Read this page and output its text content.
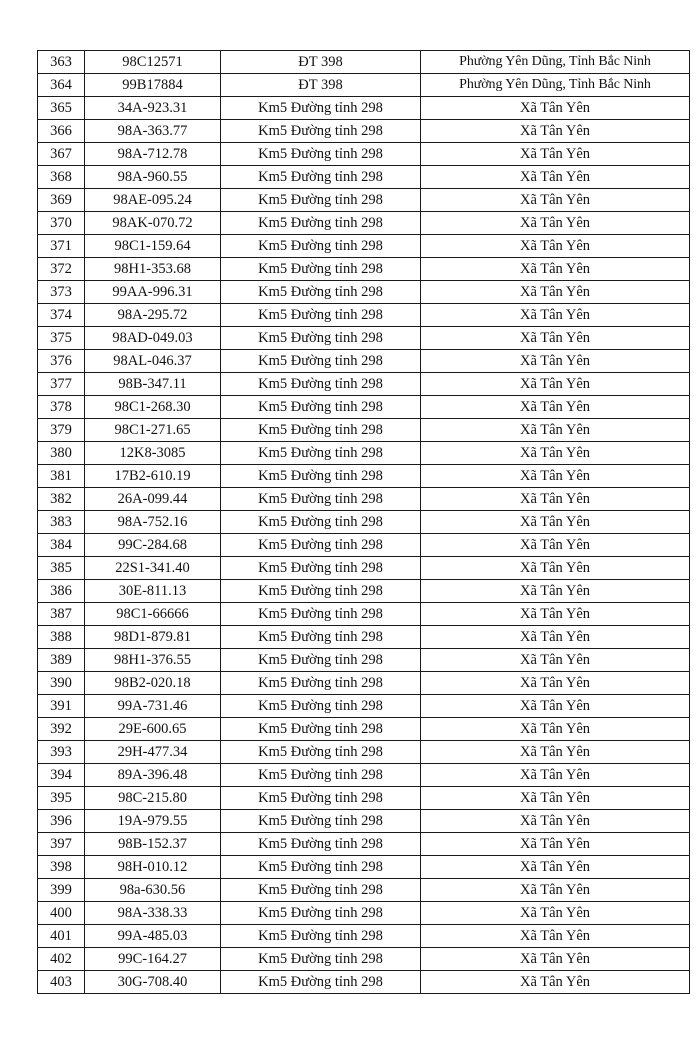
363	98C12571	ĐT 398	Phường Yên Dũng, Tỉnh Bắc Ninh
364	99B17884	ĐT 398	Phường Yên Dũng, Tỉnh Bắc Ninh
365	34A-923.31	Km5 Đường tỉnh 298	Xã Tân Yên
366	98A-363.77	Km5 Đường tỉnh 298	Xã Tân Yên
367	98A-712.78	Km5 Đường tỉnh 298	Xã Tân Yên
368	98A-960.55	Km5 Đường tỉnh 298	Xã Tân Yên
369	98AE-095.24	Km5 Đường tỉnh 298	Xã Tân Yên
370	98AK-070.72	Km5 Đường tỉnh 298	Xã Tân Yên
371	98C1-159.64	Km5 Đường tỉnh 298	Xã Tân Yên
372	98H1-353.68	Km5 Đường tỉnh 298	Xã Tân Yên
373	99AA-996.31	Km5 Đường tỉnh 298	Xã Tân Yên
374	98A-295.72	Km5 Đường tỉnh 298	Xã Tân Yên
375	98AD-049.03	Km5 Đường tỉnh 298	Xã Tân Yên
376	98AL-046.37	Km5 Đường tỉnh 298	Xã Tân Yên
377	98B-347.11	Km5 Đường tỉnh 298	Xã Tân Yên
378	98C1-268.30	Km5 Đường tỉnh 298	Xã Tân Yên
379	98C1-271.65	Km5 Đường tỉnh 298	Xã Tân Yên
380	12K8-3085	Km5 Đường tỉnh 298	Xã Tân Yên
381	17B2-610.19	Km5 Đường tỉnh 298	Xã Tân Yên
382	26A-099.44	Km5 Đường tỉnh 298	Xã Tân Yên
383	98A-752.16	Km5 Đường tỉnh 298	Xã Tân Yên
384	99C-284.68	Km5 Đường tỉnh 298	Xã Tân Yên
385	22S1-341.40	Km5 Đường tỉnh 298	Xã Tân Yên
386	30E-811.13	Km5 Đường tỉnh 298	Xã Tân Yên
387	98C1-66666	Km5 Đường tỉnh 298	Xã Tân Yên
388	98D1-879.81	Km5 Đường tỉnh 298	Xã Tân Yên
389	98H1-376.55	Km5 Đường tỉnh 298	Xã Tân Yên
390	98B2-020.18	Km5 Đường tỉnh 298	Xã Tân Yên
391	99A-731.46	Km5 Đường tỉnh 298	Xã Tân Yên
392	29E-600.65	Km5 Đường tỉnh 298	Xã Tân Yên
393	29H-477.34	Km5 Đường tỉnh 298	Xã Tân Yên
394	89A-396.48	Km5 Đường tỉnh 298	Xã Tân Yên
395	98C-215.80	Km5 Đường tỉnh 298	Xã Tân Yên
396	19A-979.55	Km5 Đường tỉnh 298	Xã Tân Yên
397	98B-152.37	Km5 Đường tỉnh 298	Xã Tân Yên
398	98H-010.12	Km5 Đường tỉnh 298	Xã Tân Yên
399	98a-630.56	Km5 Đường tỉnh 298	Xã Tân Yên
400	98A-338.33	Km5 Đường tỉnh 298	Xã Tân Yên
401	99A-485.03	Km5 Đường tỉnh 298	Xã Tân Yên
402	99C-164.27	Km5 Đường tỉnh 298	Xã Tân Yên
403	30G-708.40	Km5 Đường tỉnh 298	Xã Tân Yên
